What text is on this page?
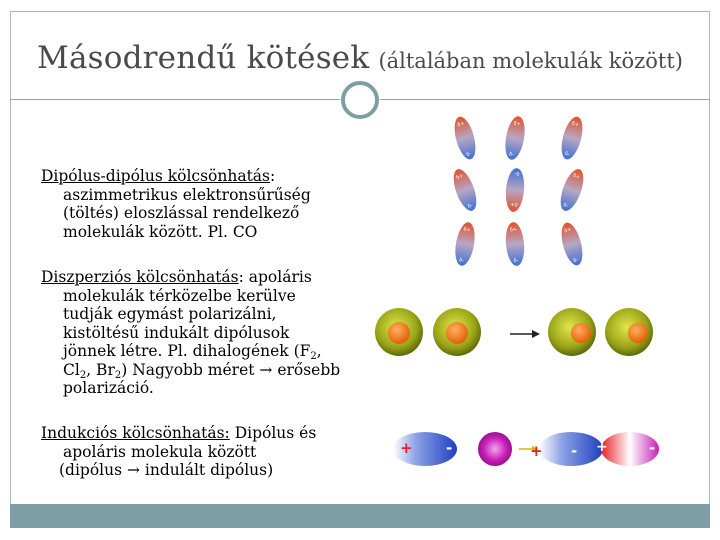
Másodrendű kötések (általában molekulák között)
Dipólus-dipólus kölcsönhatás:
aszimmetrikus elektronsűrűség
(töltés) eloszlással rendelkező
molekulák között. Pl. CO
Diszperziós kölcsönhatás: apoláris
molekulák térközelbe kerülve
tudják egymást polarizálni,
kistöltésű indukált dipólusok
jönnek létre. Pl. dihalogének ($F_2$,
$Cl_2$, $Br_2$) Nagyobb méret → erősebb
polarizáció.
Indukciós kölcsönhatás: Dipólus és
apoláris molekula között
(dipólus → indulált dipólus)
δ+
δ-
δ+
δ-
δ+
δ-
δ+
δ-	δ+
δ-	δ+
δ-
δ+
δ-
δ+
δ-
δ+
δ-
+ -	+ - +	-
